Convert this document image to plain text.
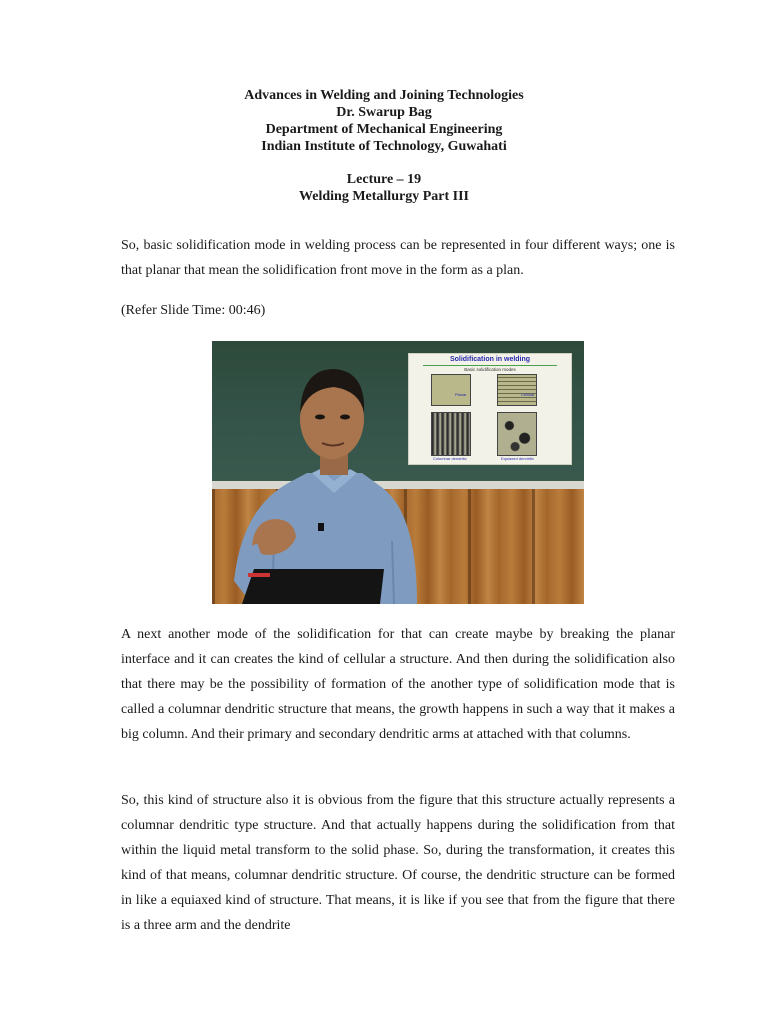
Advances in Welding and Joining Technologies
Dr. Swarup Bag
Department of Mechanical Engineering
Indian Institute of Technology, Guwahati
Lecture – 19
Welding Metallurgy Part III

So, basic solidification mode in welding process can be represented in four different ways; one is that planar that mean the solidification front move in the form as a plan.

(Refer Slide Time: 00:46)

Solidification in welding
Basic solidification modes
Planar	Cellular
Columnar dendritic	Equiaxed dendritic

A next another mode of the solidification for that can create maybe by breaking the planar interface and it can creates the kind of cellular a structure. And then during the solidification also that there may be the possibility of formation of the another type of solidification mode that is called a columnar dendritic structure that means, the growth happens in such a way that it makes a big column. And their primary and secondary dendritic arms at attached with that columns.

So, this kind of structure also it is obvious from the figure that this structure actually represents a columnar dendritic type structure. And that actually happens during the solidification from that within the liquid metal transform to the solid phase. So, during the transformation, it creates this kind of that means, columnar dendritic structure. Of course, the dendritic structure can be formed in like a equiaxed kind of structure. That means, it is like if you see that from the figure that there is a three arm and the dendrite
